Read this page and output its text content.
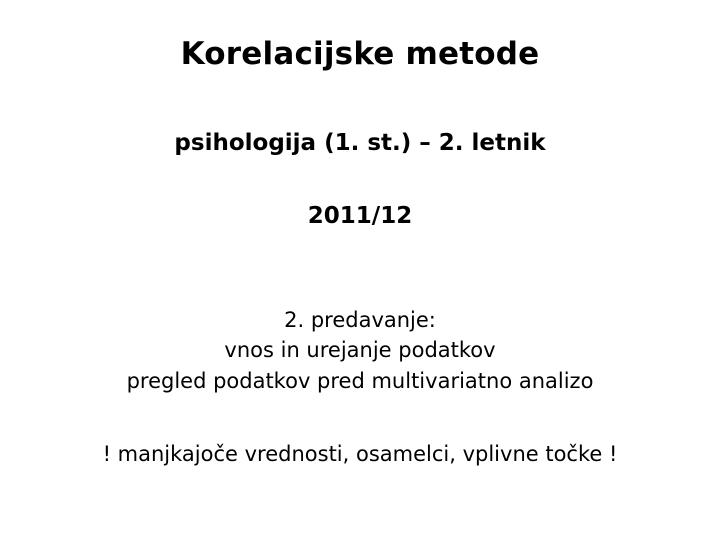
Korelacijske metode
psihologija (1. st.) – 2. letnik
2011/12
2. predavanje:
vnos in urejanje podatkov
pregled podatkov pred multivariatno analizo
! manjkajoče vrednosti, osamelci, vplivne točke !
